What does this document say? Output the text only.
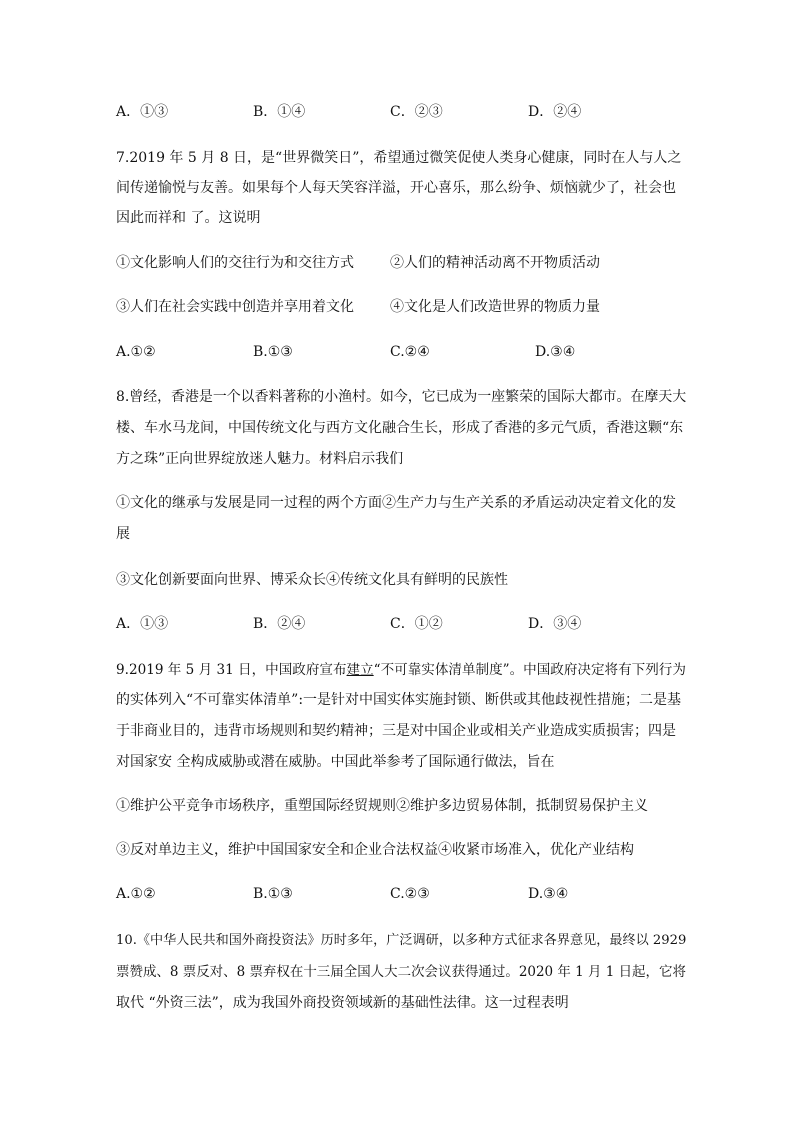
A．①③	B．①④	C．②③	D．②④
7.2019 年 5 月 8 日，是“世界微笑日”，希望通过微笑促使人类身心健康，同时在人与人之
间传递愉悦与友善。如果每个人每天笑容洋溢，开心喜乐，那么纷争、烦恼就少了，社会也
因此而祥和 了。这说明
①文化影响人们的交往行为和交往方式	②人们的精神活动离不开物质活动
③人们在社会实践中创造并享用着文化	④文化是人们改造世界的物质力量
A.①②	B.①③	C.②④	D.③④
8.曾经，香港是一个以香料著称的小渔村。如今，它已成为一座繁荣的国际大都市。在摩天大
楼、车水马龙间，中国传统文化与西方文化融合生长，形成了香港的多元气质，香港这颗“东
方之珠”正向世界绽放迷人魅力。材料启示我们
①文化的继承与发展是同一过程的两个方面②生产力与生产关系的矛盾运动决定着文化的发
展
③文化创新要面向世界、博采众长④传统文化具有鲜明的民族性
A．①③	B．②④	C．①②	D．③④
9.2019 年 5 月 31 日，中国政府宣布建立“不可靠实体清单制度”。中国政府决定将有下列行为
的实体列入“不可靠实体清单”:一是针对中国实体实施封锁、断供或其他歧视性措施；二是基
于非商业目的，违背市场规则和契约精神；三是对中国企业或相关产业造成实质损害；四是
对国家安 全构成威胁或潜在威胁。中国此举参考了国际通行做法，旨在
①维护公平竞争市场秩序，重塑国际经贸规则②维护多边贸易体制，抵制贸易保护主义
③反对单边主义，维护中国国家安全和企业合法权益④收紧市场准入，优化产业结构
A.①②	B.①③	C.②③	D.③④
10.《中华人民共和国外商投资法》历时多年，广泛调研，以多种方式征求各界意见，最终以 2929
票赞成、8 票反对、8 票弃权在十三届全国人大二次会议获得通过。2020 年 1 月 1 日起，它将
取代 “外资三法”，成为我国外商投资领域新的基础性法律。这一过程表明
